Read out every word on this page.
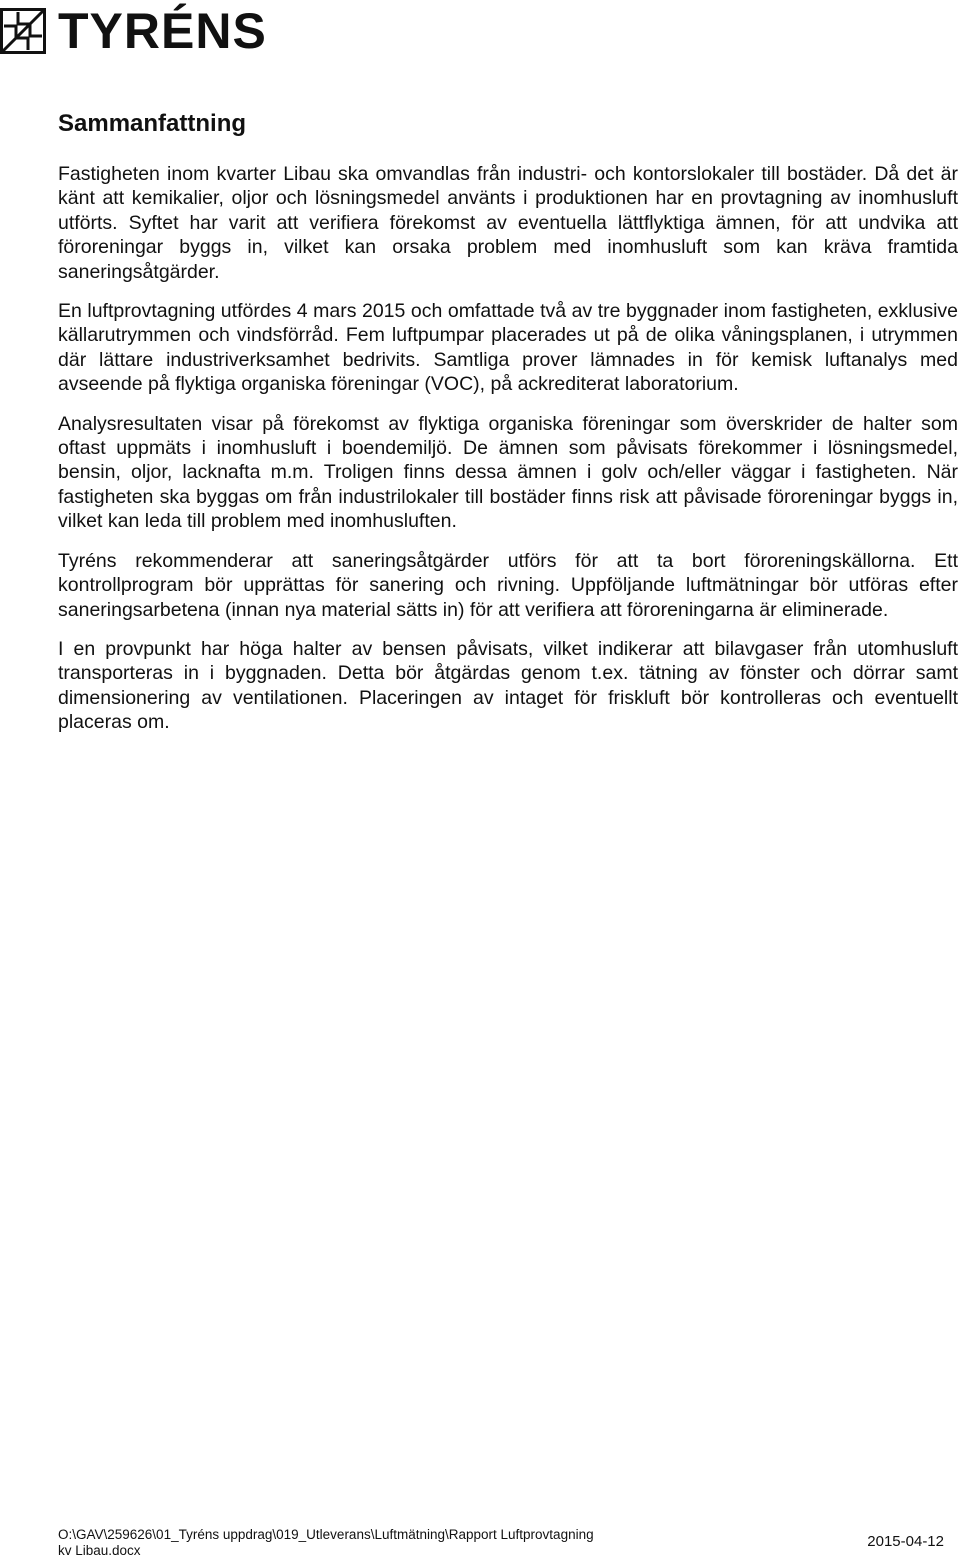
TYRÉNS
Sammanfattning

Fastigheten inom kvarter Libau ska omvandlas från industri- och kontorslokaler till bostäder. Då det är känt att kemikalier, oljor och lösningsmedel använts i produktionen har en provtagning av inomhusluft utförts. Syftet har varit att verifiera förekomst av eventuella lättflyktiga ämnen, för att undvika att föroreningar byggs in, vilket kan orsaka problem med inomhusluft som kan kräva framtida saneringsåtgärder.

En luftprovtagning utfördes 4 mars 2015 och omfattade två av tre byggnader inom fastigheten, exklusive källarutrymmen och vindsförråd. Fem luftpumpar placerades ut på de olika våningsplanen, i utrymmen där lättare industriverksamhet bedrivits. Samtliga prover lämnades in för kemisk luftanalys med avseende på flyktiga organiska föreningar (VOC), på ackrediterat laboratorium.

Analysresultaten visar på förekomst av flyktiga organiska föreningar som överskrider de halter som oftast uppmäts i inomhusluft i boendemiljö. De ämnen som påvisats förekommer i lösningsmedel, bensin, oljor, lacknafta m.m. Troligen finns dessa ämnen i golv och/eller väggar i fastigheten. När fastigheten ska byggas om från industrilokaler till bostäder finns risk att påvisade föroreningar byggs in, vilket kan leda till problem med inomhusluften.

Tyréns rekommenderar att saneringsåtgärder utförs för att ta bort föroreningskällorna. Ett kontrollprogram bör upprättas för sanering och rivning. Uppföljande luftmätningar bör utföras efter saneringsarbetena (innan nya material sätts in) för att verifiera att föroreningarna är eliminerade.

I en provpunkt har höga halter av bensen påvisats, vilket indikerar att bilavgaser från utomhusluft transporteras in i byggnaden. Detta bör åtgärdas genom t.ex. tätning av fönster och dörrar samt dimensionering av ventilationen. Placeringen av intaget för friskluft bör kontrolleras och eventuellt placeras om.

O:\GAV\259626\01_Tyréns uppdrag\019_Utleverans\Luftmätning\Rapport Luftprovtagning kv Libau.docx
2015-04-12
